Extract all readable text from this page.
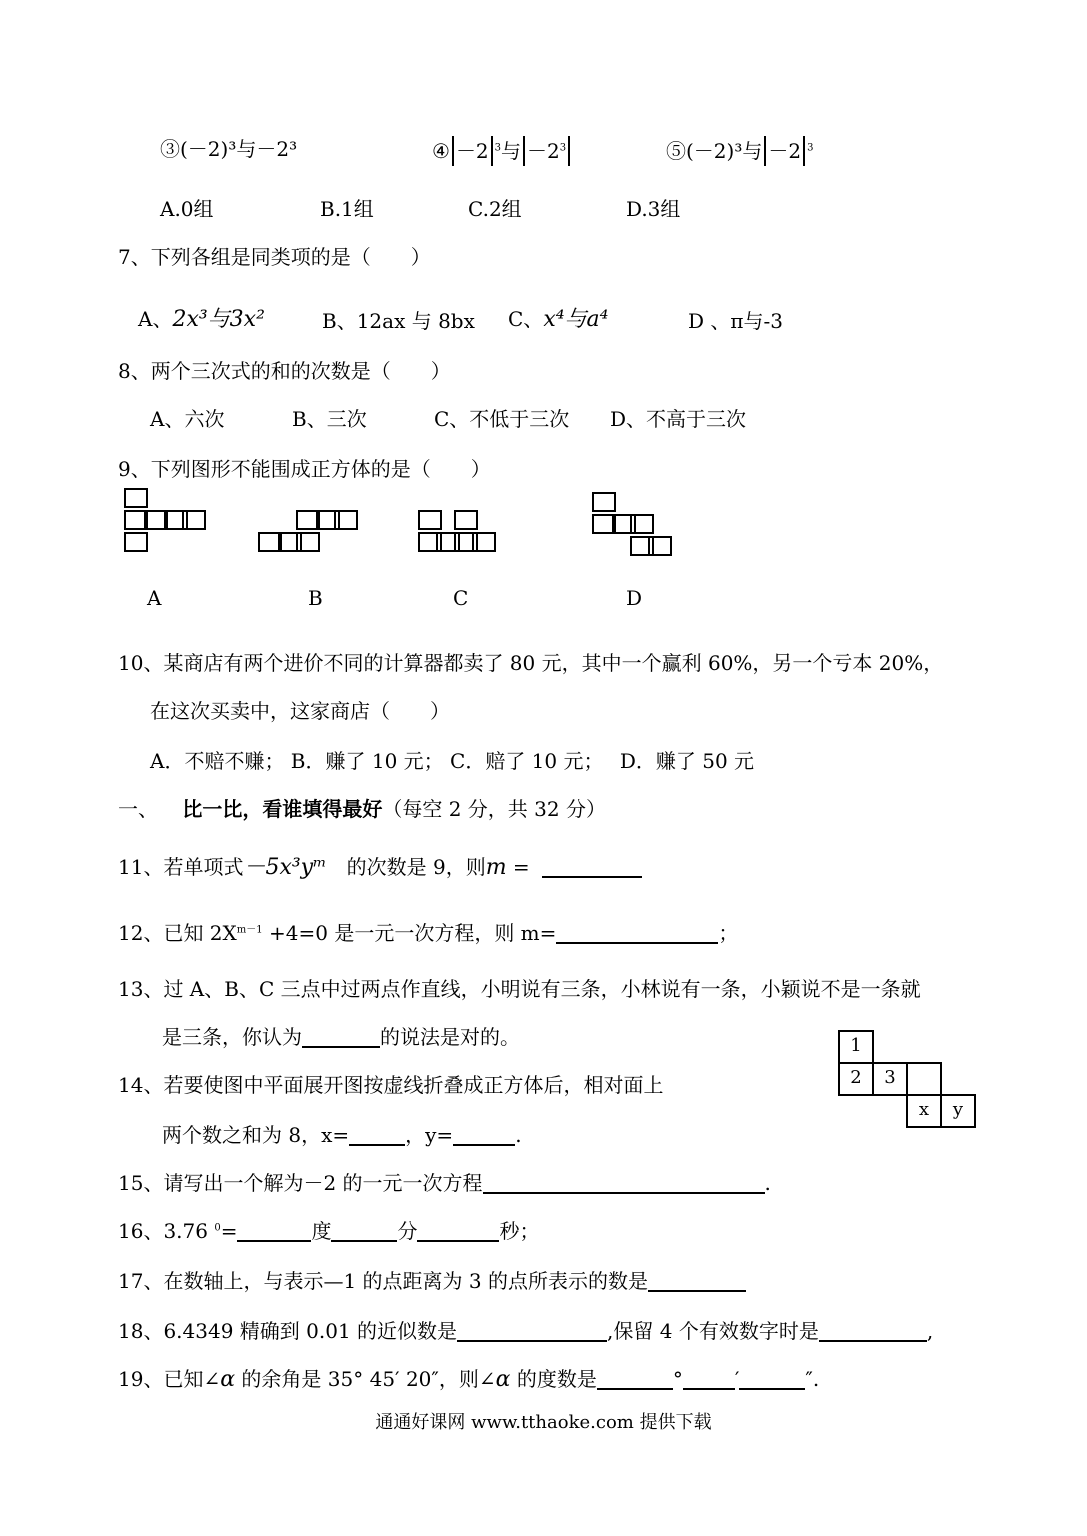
③(－2)³与－2³	④ －2 $^3$与 $-2^3$	⑤(－2)³与 －2 $^3$
A.0组	B.1组	C.2组	D.3组
7、下列各组是同类项的是（　　）
A、2x³与3x²	B、12ax 与 8bx C、x⁴与a⁴	D 、π与-3
8、两个三次式的和的次数是（　　）
A、六次	B、三次	C、不低于三次 D、不高于三次
9、下列图形不能围成正方体的是（　　）
A	B	C	D
10、某商店有两个进价不同的计算器都卖了 80 元，其中一个赢利 60%，另一个亏本 20%，
在这次买卖中，这家商店（　　）
A．不赔不赚； B．赚了 10 元； C．赔了 10 元；　 D．赚了 50 元
一、 比一比，看谁填得最好（每空 2 分，共 32 分）
11、若单项式－5x³yᵐ 的次数是 9，则m =
12、已知 $2X^{m-1} +4=0$ 是一元一次方程，则 m=	；
13、过 A、B、C 三点中过两点作直线，小明说有三条，小林说有一条，小颖说不是一条就
是三条，你认为	的说法是对的。	1
2	3
x	y
14、若要使图中平面展开图按虚线折叠成正方体后，相对面上
两个数之和为 8，x=	，y=	.
15、请写出一个解为－2 的一元一次方程	.
16、3.76 $^0$=	度	分	秒；
17、在数轴上，与表示—1 的点距离为 3 的点所表示的数是
18、6.4349 精确到 0.01 的近似数是	,保留 4 个有效数字时是	,
19、已知∠α 的余角是 35° 45′ 20″，则∠α 的度数是	°	′	″.
通通好课网 www.tthaoke.com 提供下载
